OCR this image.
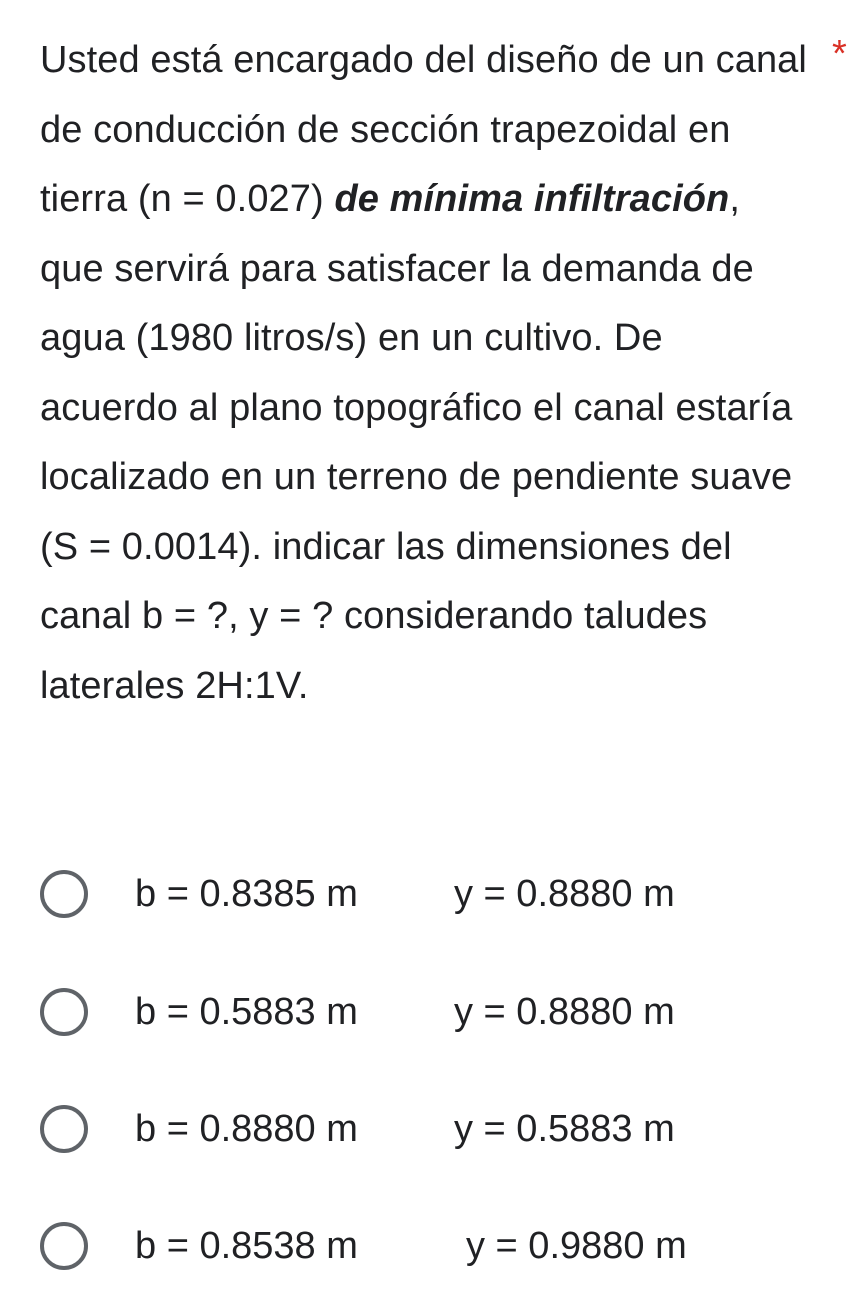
Usted está encargado del diseño de un canal de conducción de sección trapezoidal en tierra (n = 0.027) de mínima infiltración, que servirá para satisfacer la demanda de agua (1980 litros/s) en un cultivo. De acuerdo al plano topográfico el canal estaría localizado en un terreno de pendiente suave (S = 0.0014). indicar las dimensiones del canal b = ?, y = ? considerando taludes laterales 2H:1V.
*
b = 0.8385 m	y = 0.8880 m
b = 0.5883 m	y = 0.8880 m
b = 0.8880 m	y = 0.5883 m
b = 0.8538 m	y = 0.9880 m
